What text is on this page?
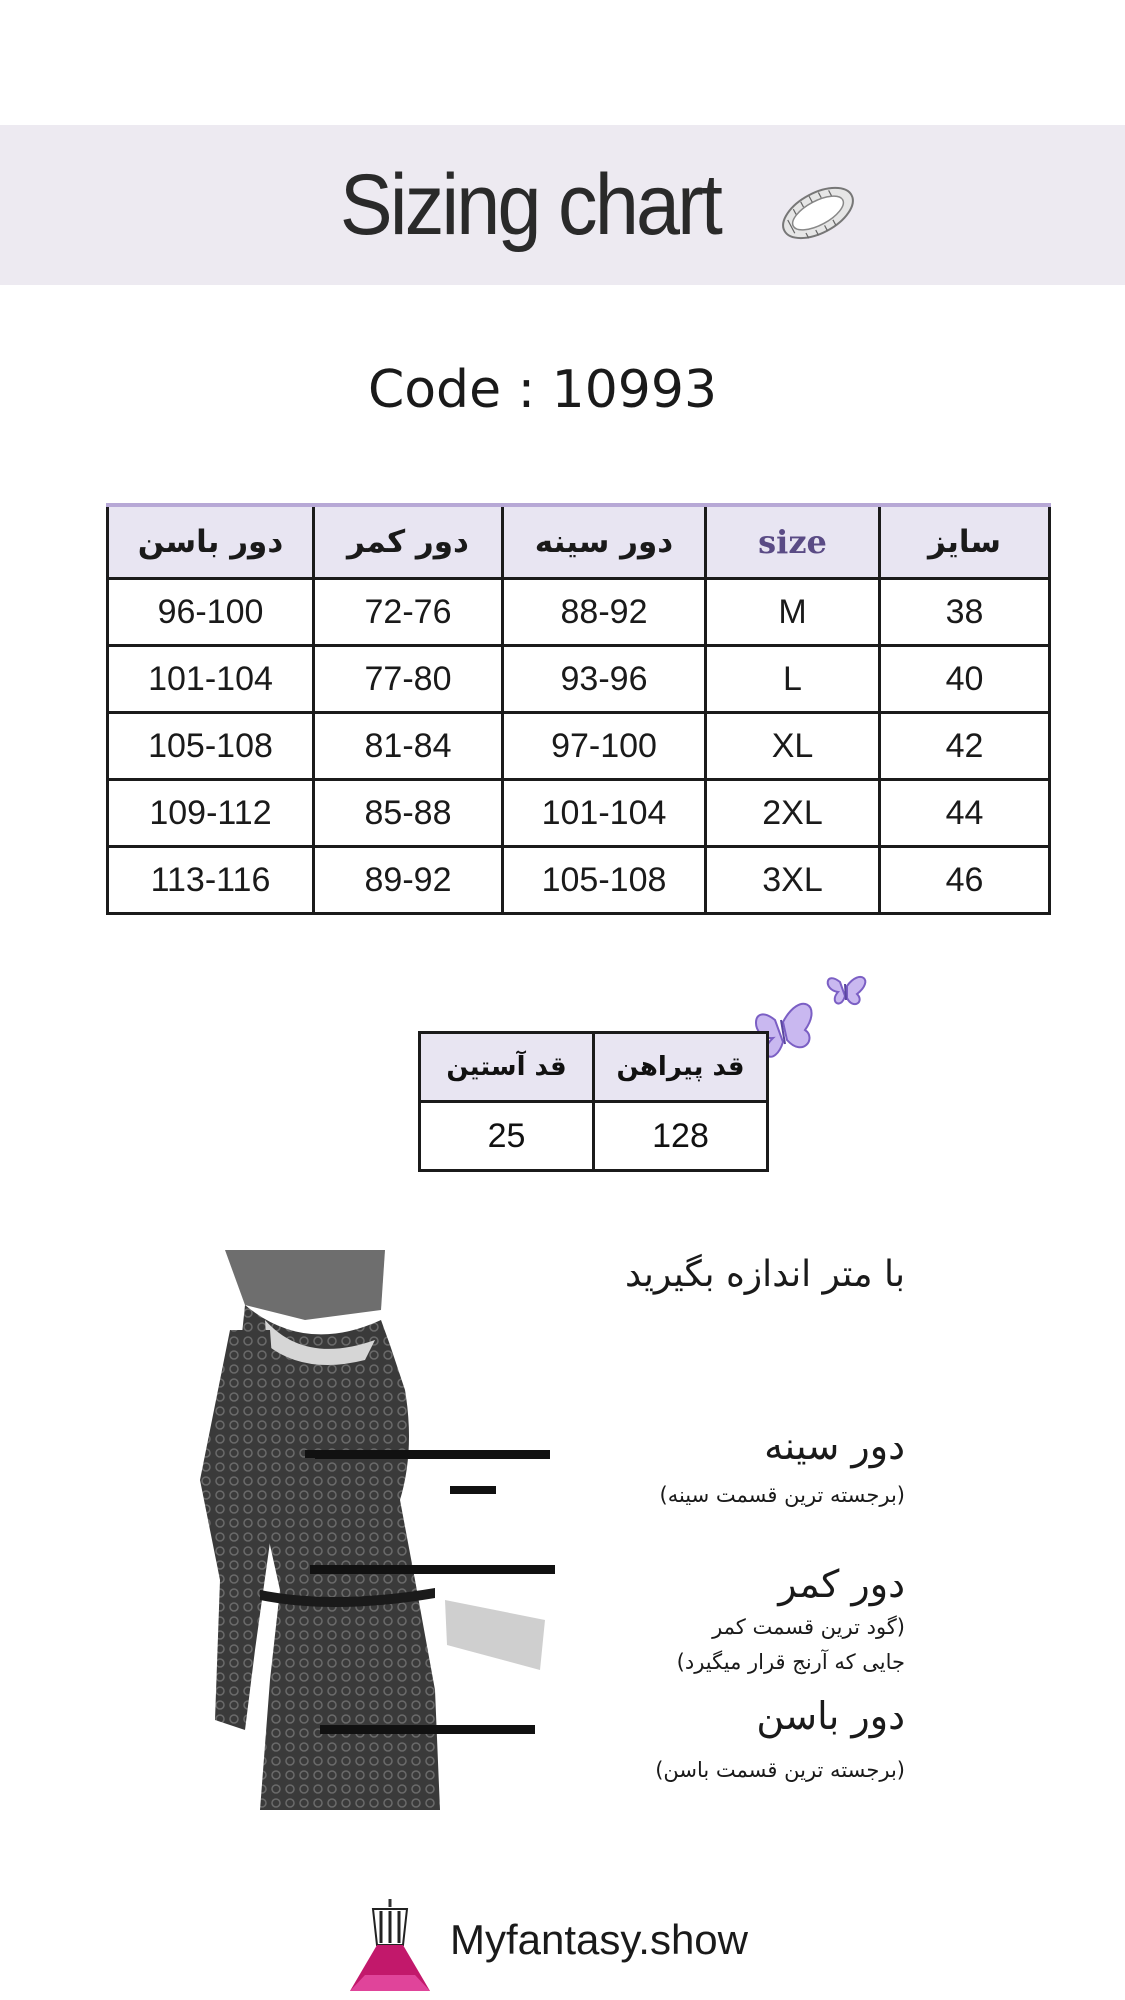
Sizing chart
Code : 10993
دور باسن	دور کمر	دور سینه	size	سایز
96-100	72-76	88-92	M	38
101-104	77-80	93-96	L	40
105-108	81-84	97-100	XL	42
109-112	85-88	101-104	2XL	44
113-116	89-92	105-108	3XL	46
قد آستین	قد پیراهن
25	128
با متر اندازه بگیرید
دور سینه
(برجسته ترین قسمت سینه)
دور کمر
(گود ترین قسمت کمر
جایی که آرنج قرار میگیرد)
دور باسن
(برجسته ترین قسمت باسن)
Myfantasy.show
